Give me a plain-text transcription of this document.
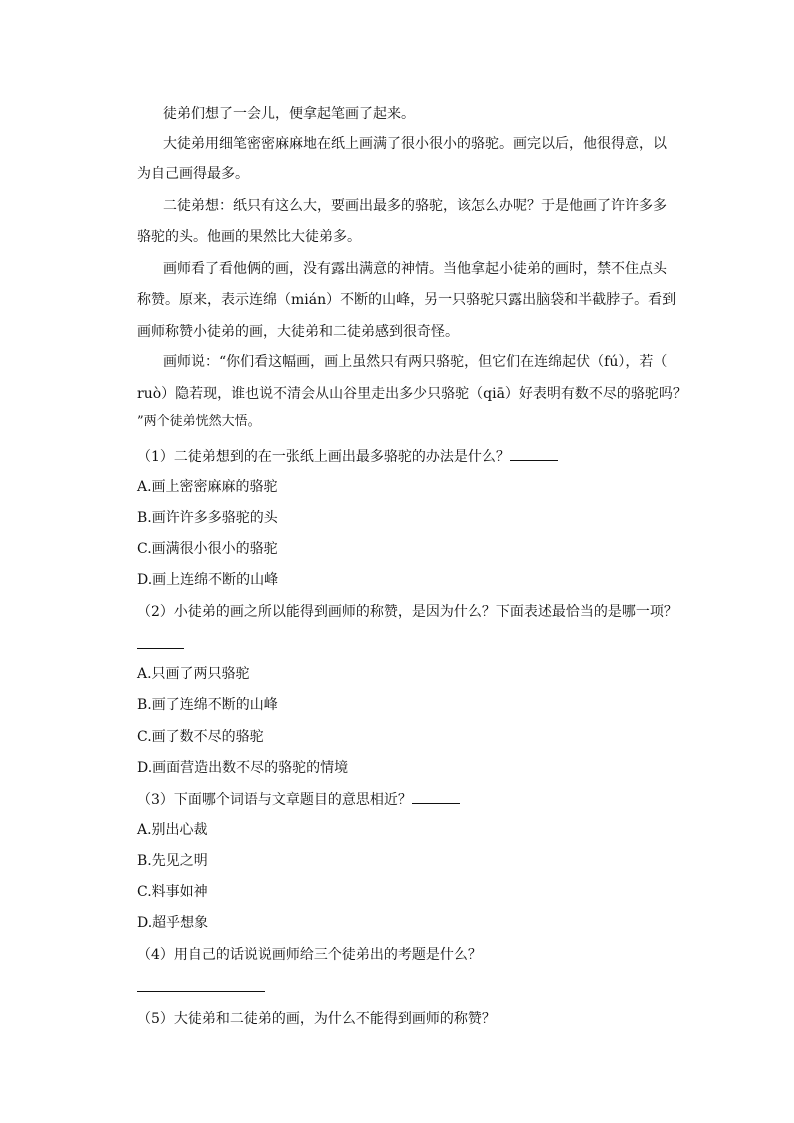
徒弟们想了一会儿，便拿起笔画了起来。
大徒弟用细笔密密麻麻地在纸上画满了很小很小的骆驼。画完以后，他很得意，以
为自己画得最多。
二徒弟想：纸只有这么大，要画出最多的骆驼，该怎么办呢？于是他画了许许多多
骆驼的头。他画的果然比大徒弟多。
画师看了看他俩的画，没有露出满意的神情。当他拿起小徒弟的画时，禁不住点头
称赞。原来，表示连绵（mián）不断的山峰，另一只骆驼只露出脑袋和半截脖子。看到
画师称赞小徒弟的画，大徒弟和二徒弟感到很奇怪。
画师说：“你们看这幅画，画上虽然只有两只骆驼，但它们在连绵起伏（fú），若（
ruò）隐若现，谁也说不清会从山谷里走出多少只骆驼（qiā）好表明有数不尽的骆驼吗？
”两个徒弟恍然大悟。
（1）二徒弟想到的在一张纸上画出最多骆驼的办法是什么？
A.画上密密麻麻的骆驼
B.画许许多多骆驼的头
C.画满很小很小的骆驼
D.画上连绵不断的山峰
（2）小徒弟的画之所以能得到画师的称赞，是因为什么？下面表述最恰当的是哪一项？
A.只画了两只骆驼
B.画了连绵不断的山峰
C.画了数不尽的骆驼
D.画面营造出数不尽的骆驼的情境
（3）下面哪个词语与文章题目的意思相近？
A.别出心裁
B.先见之明
C.料事如神
D.超乎想象
（4）用自己的话说说画师给三个徒弟出的考题是什么？
（5）大徒弟和二徒弟的画，为什么不能得到画师的称赞？
